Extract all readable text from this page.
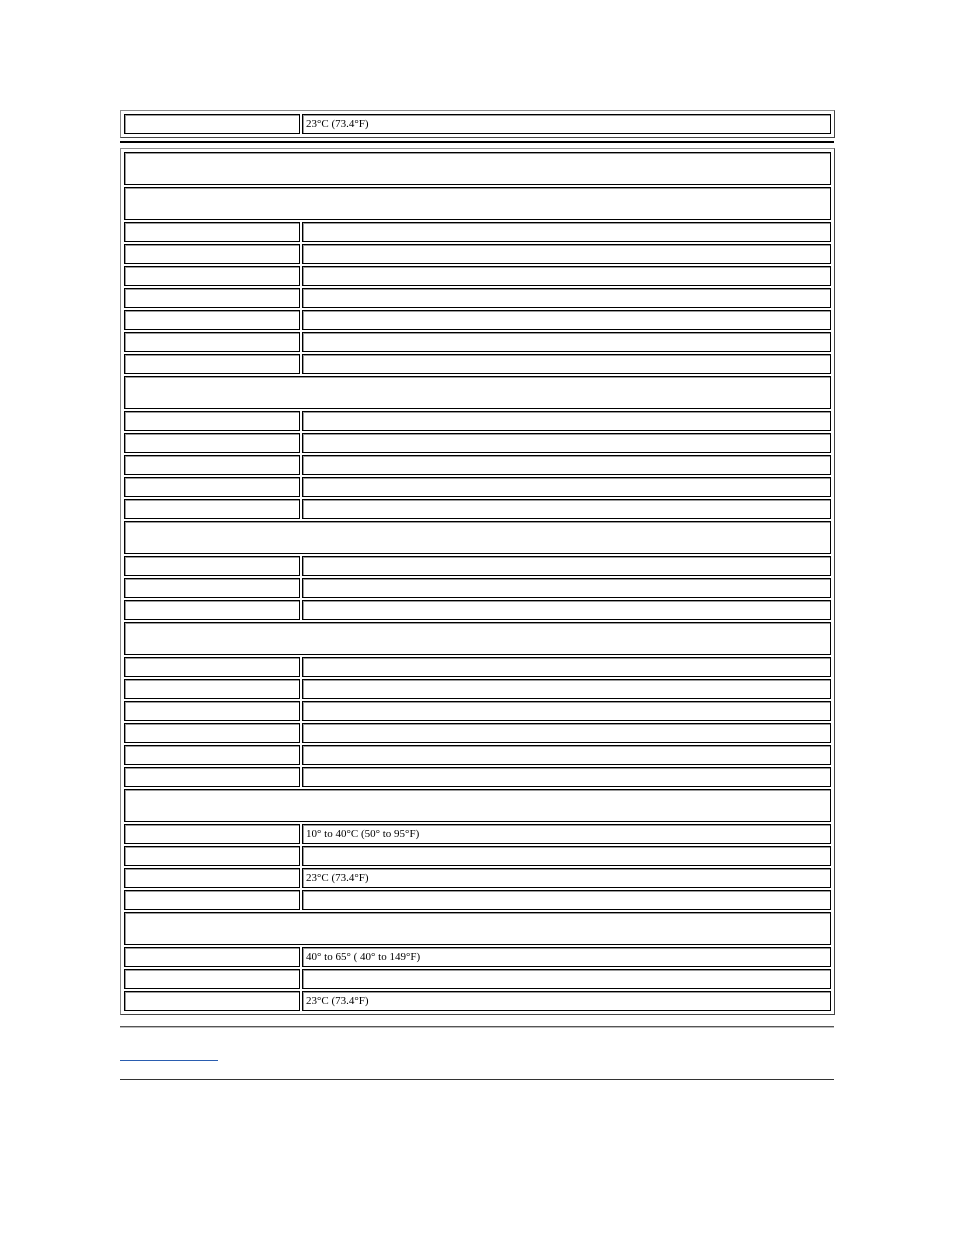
	23°C (73.4°F)

	10° to 40°C (50° to 95°F)

	23°C (73.4°F)

	40° to 65° ( 40° to 149°F)

	23°C (73.4°F)
